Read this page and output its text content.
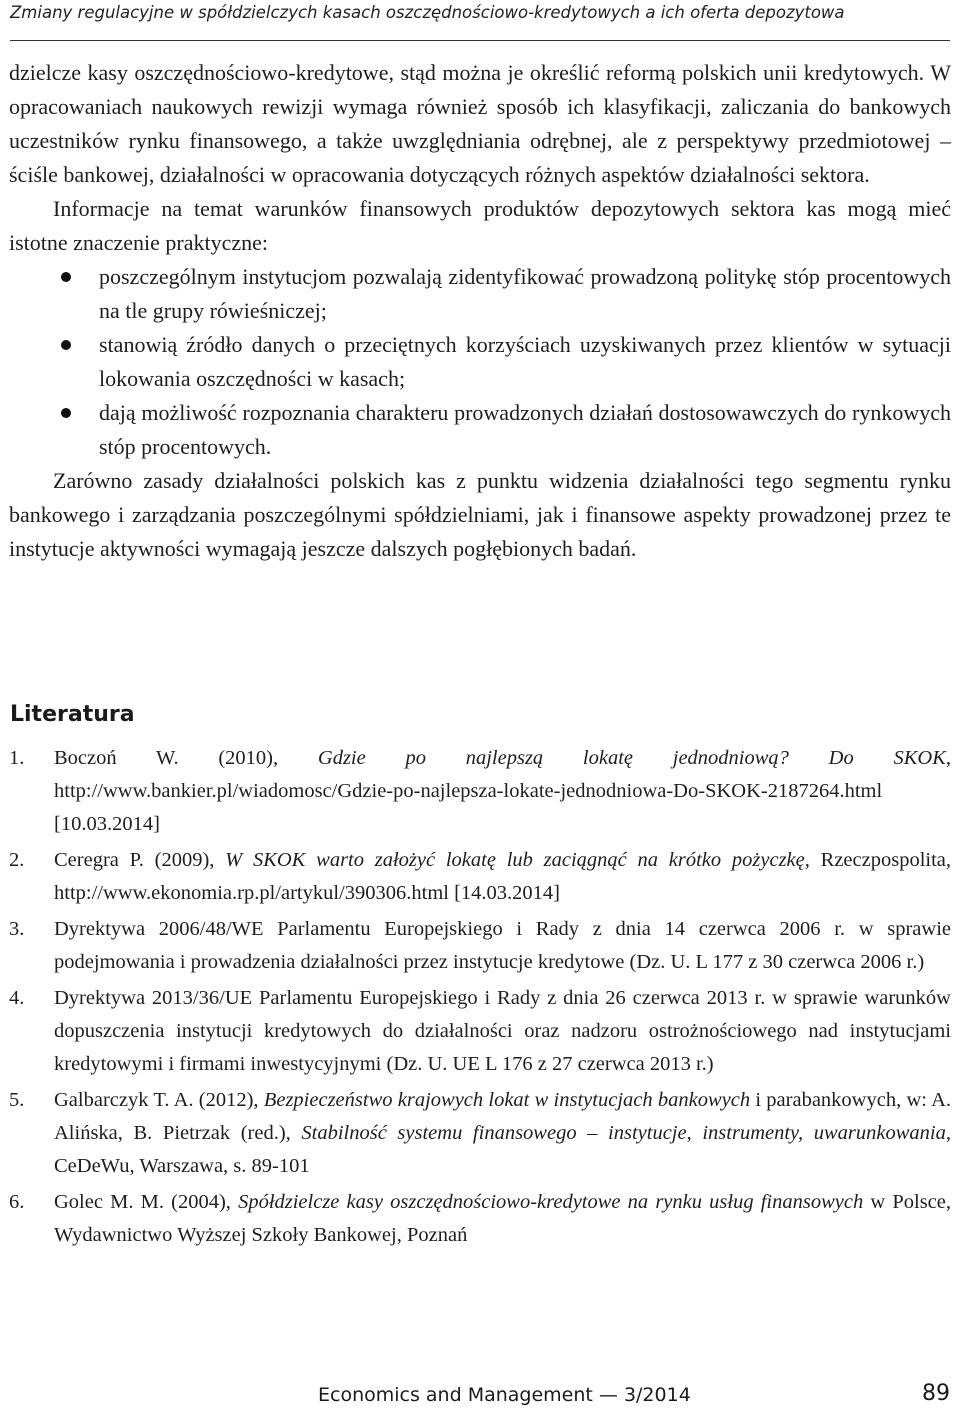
Zmiany regulacyjne w spółdzielczych kasach oszczędnościowo-kredytowych a ich oferta depozytowa

dzielcze kasy oszczędnościowo-kredytowe, stąd można je określić reformą polskich unii kredytowych. W opracowaniach naukowych rewizji wymaga również sposób ich klasyfikacji, zaliczania do bankowych uczestników rynku finansowego, a także uwzględniania odrębnej, ale z perspektywy przedmiotowej – ściśle bankowej, działalności w opracowania dotyczących różnych aspektów działalności sektora.

Informacje na temat warunków finansowych produktów depozytowych sektora kas mogą mieć istotne znaczenie praktyczne:

poszczególnym instytucjom pozwalają zidentyfikować prowadzoną politykę stóp procentowych na tle grupy rówieśniczej;
stanowią źródło danych o przeciętnych korzyściach uzyskiwanych przez klientów w sytuacji lokowania oszczędności w kasach;
dają możliwość rozpoznania charakteru prowadzonych działań dostosowawczych do rynkowych stóp procentowych.

Zarówno zasady działalności polskich kas z punktu widzenia działalności tego segmentu rynku bankowego i zarządzania poszczególnymi spółdzielniami, jak i finansowe aspekty prowadzonej przez te instytucje aktywności wymagają jeszcze dalszych pogłębionych badań.

Literatura
1. Boczoń W. (2010), Gdzie po najlepszą lokatę jednodniową? Do SKOK, http://www.bankier.pl/wiadomosc/Gdzie-po-najlepsza-lokate-jednodniowa-Do-SKOK-2187264.html [10.03.2014]
2. Ceregra P. (2009), W SKOK warto założyć lokatę lub zaciągnąć na krótko pożyczkę, Rzeczpospolita, http://www.ekonomia.rp.pl/artykul/390306.html [14.03.2014]
3. Dyrektywa 2006/48/WE Parlamentu Europejskiego i Rady z dnia 14 czerwca 2006 r. w sprawie podejmowania i prowadzenia działalności przez instytucje kredytowe (Dz. U. L 177 z 30 czerwca 2006 r.)
4. Dyrektywa 2013/36/UE Parlamentu Europejskiego i Rady z dnia 26 czerwca 2013 r. w sprawie warunków dopuszczenia instytucji kredytowych do działalności oraz nadzoru ostrożnościowego nad instytucjami kredytowymi i firmami inwestycyjnymi (Dz. U. UE L 176 z 27 czerwca 2013 r.)
5. Galbarczyk T. A. (2012), Bezpieczeństwo krajowych lokat w instytucjach bankowych i parabankowych, w: A. Alińska, B. Pietrzak (red.), Stabilność systemu finansowego – instytucje, instrumenty, uwarunkowania, CeDeWu, Warszawa, s. 89-101
6. Golec M. M. (2004), Spółdzielcze kasy oszczędnościowo-kredytowe na rynku usług finansowych w Polsce, Wydawnictwo Wyższej Szkoły Bankowej, Poznań
Economics and Management — 3/2014	89
